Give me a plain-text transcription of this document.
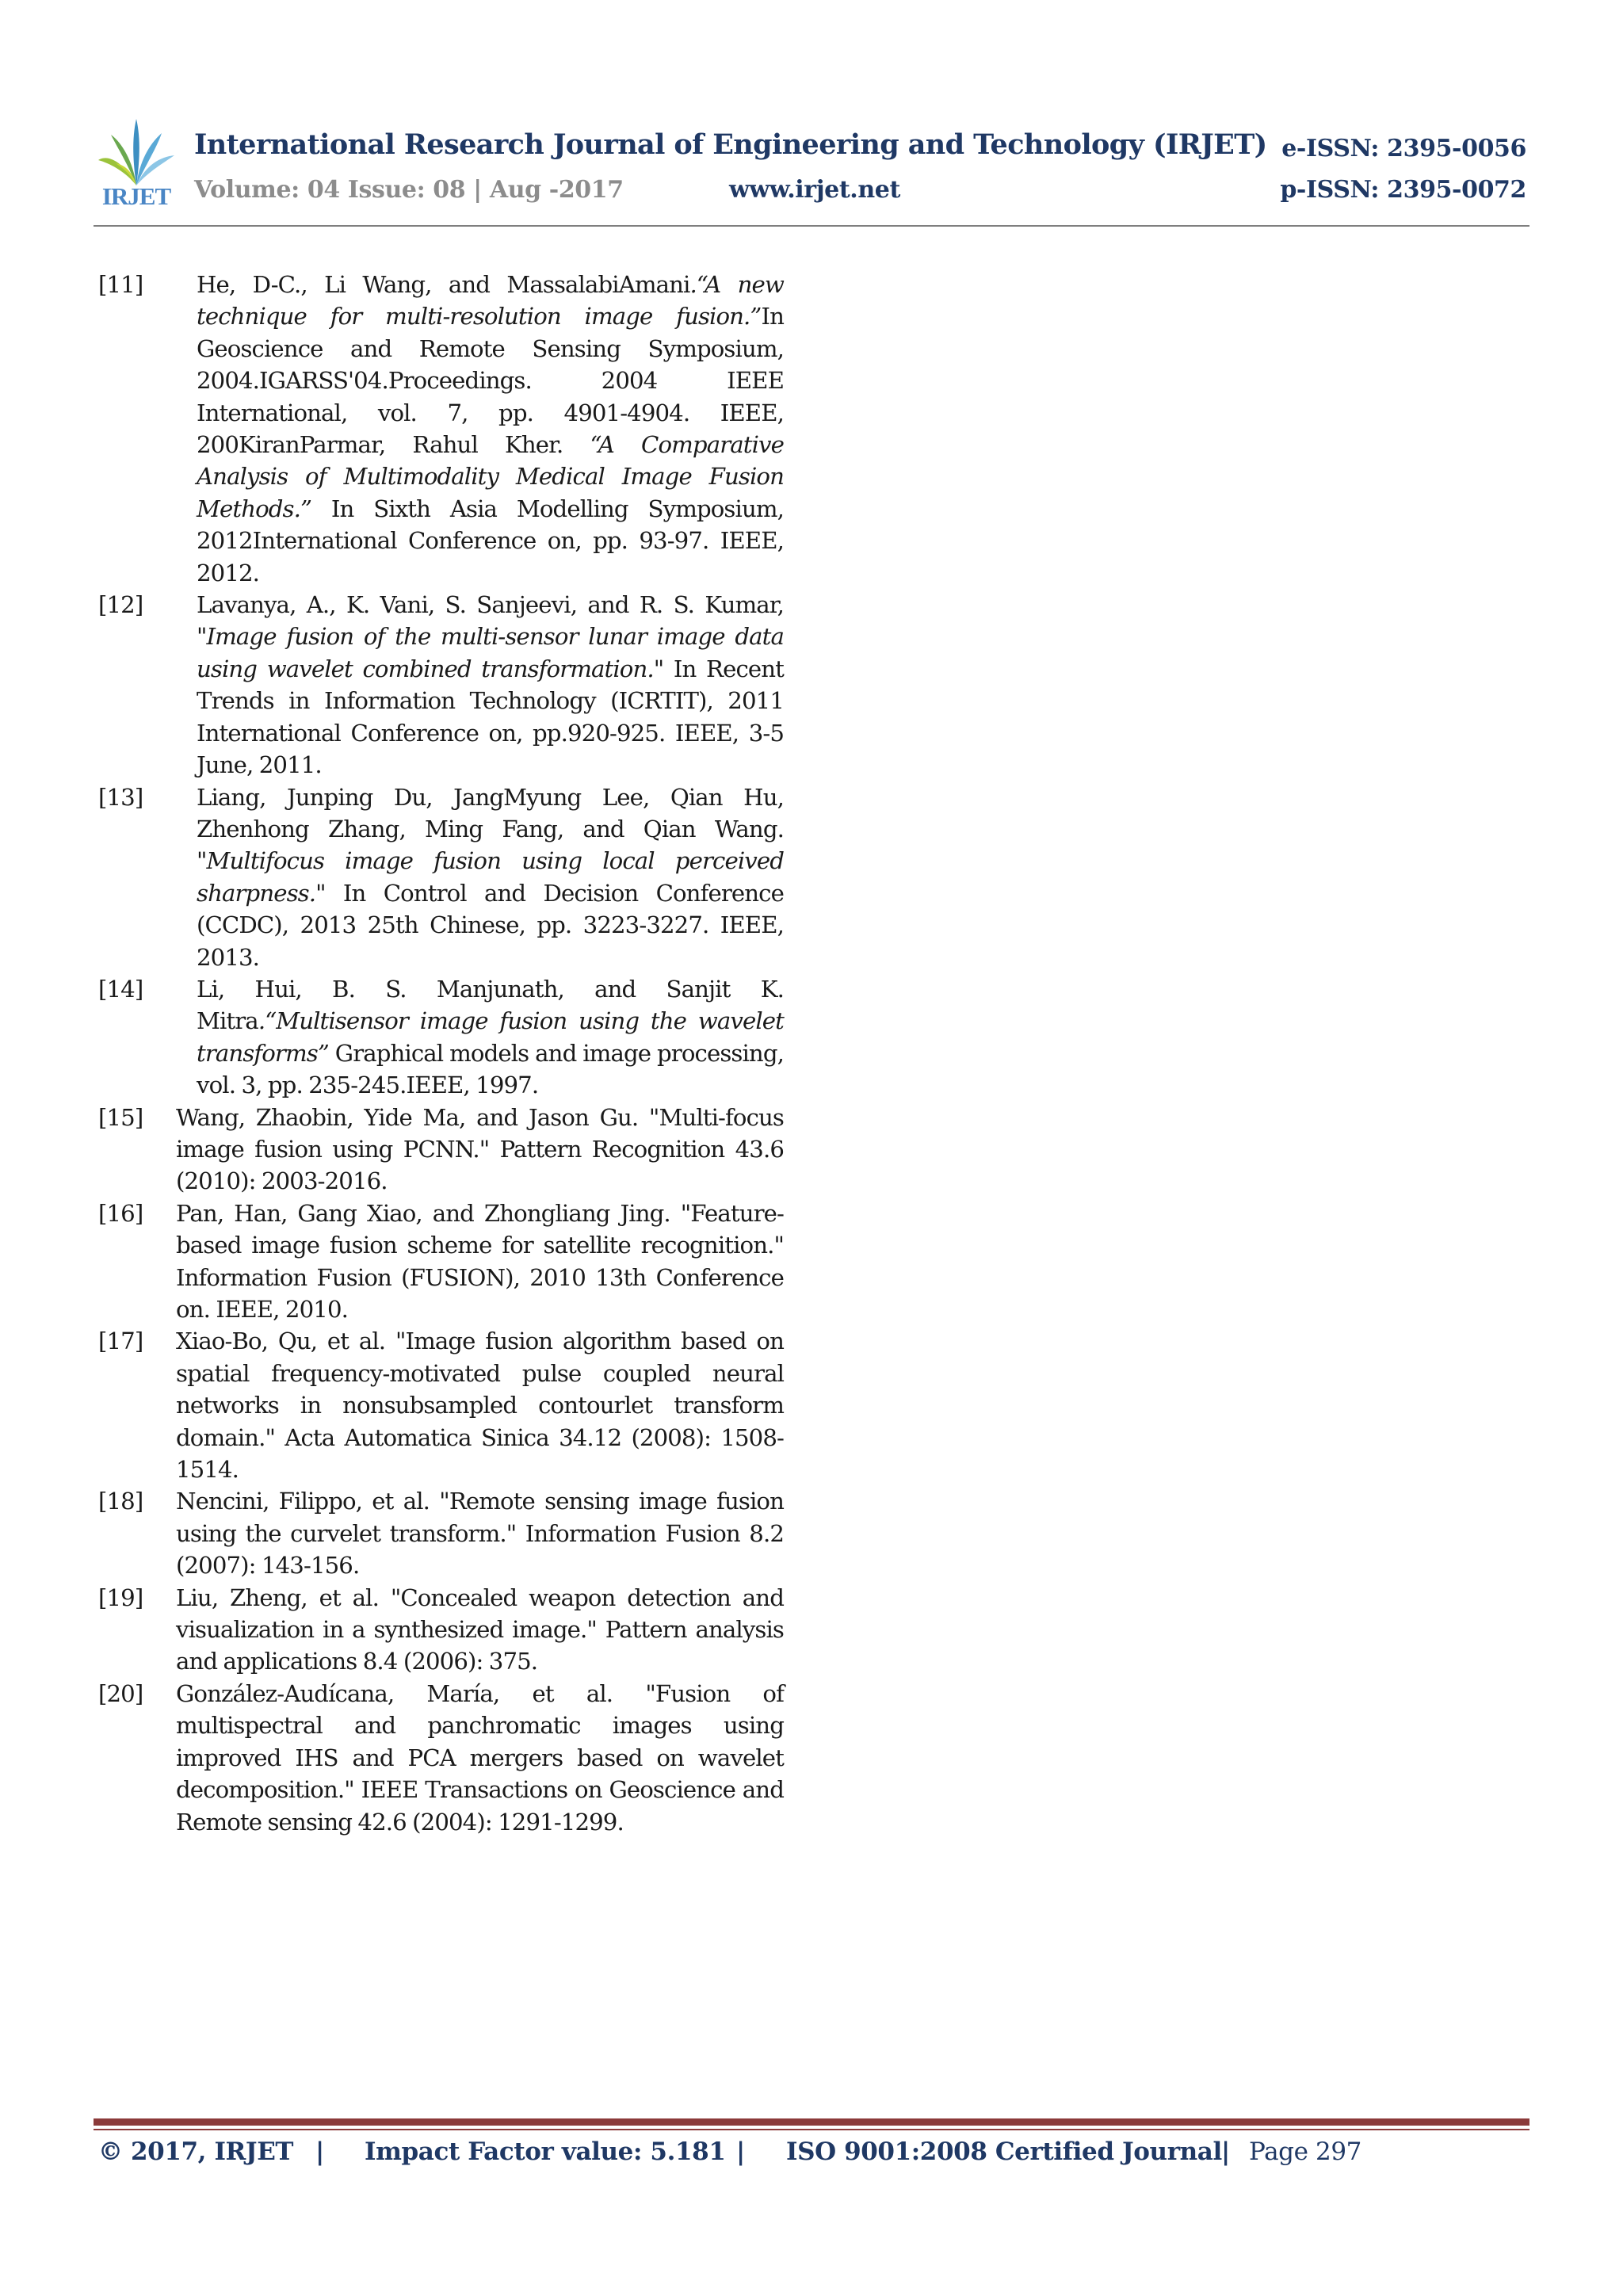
IRJET
International Research Journal of Engineering and Technology (IRJET) e-ISSN: 2395-0056
Volume: 04 Issue: 08 | Aug -2017	www.irjet.net	p-ISSN: 2395-0072
[11] He, D-C., Li Wang, and MassalabiAmani.“A new technique for multi-resolution image fusion.”In Geoscience and Remote Sensing Symposium, 2004.IGARSS'04.Proceedings. 2004 IEEE International, vol. 7, pp. 4901-4904. IEEE, 200KiranParmar, Rahul Kher. “A Comparative Analysis of Multimodality Medical Image Fusion Methods.” In Sixth Asia Modelling Symposium, 2012International Conference on, pp. 93-97. IEEE, 2012.
[12] Lavanya, A., K. Vani, S. Sanjeevi, and R. S. Kumar, "Image fusion of the multi-sensor lunar image data using wavelet combined transformation." In Recent Trends in Information Technology (ICRTIT), 2011 International Conference on, pp.920-925. IEEE, 3-5 June, 2011.
[13] Liang, Junping Du, JangMyung Lee, Qian Hu, Zhenhong Zhang, Ming Fang, and Qian Wang. "Multifocus image fusion using local perceived sharpness." In Control and Decision Conference (CCDC), 2013 25th Chinese, pp. 3223-3227. IEEE, 2013.
[14] Li, Hui, B. S. Manjunath, and Sanjit K. Mitra.“Multisensor image fusion using the wavelet transforms” Graphical models and image processing, vol. 3, pp. 235-245.IEEE, 1997.
[15] Wang, Zhaobin, Yide Ma, and Jason Gu. "Multi-focus image fusion using PCNN." Pattern Recognition 43.6 (2010): 2003-2016.
[16] Pan, Han, Gang Xiao, and Zhongliang Jing. "Feature-based image fusion scheme for satellite recognition." Information Fusion (FUSION), 2010 13th Conference on. IEEE, 2010.
[17] Xiao-Bo, Qu, et al. "Image fusion algorithm based on spatial frequency-motivated pulse coupled neural networks in nonsubsampled contourlet transform domain." Acta Automatica Sinica 34.12 (2008): 1508-1514.
[18] Nencini, Filippo, et al. "Remote sensing image fusion using the curvelet transform." Information Fusion 8.2 (2007): 143-156.
[19] Liu, Zheng, et al. "Concealed weapon detection and visualization in a synthesized image." Pattern analysis and applications 8.4 (2006): 375.
[20] González-Audícana, María, et al. "Fusion of multispectral and panchromatic images using improved IHS and PCA mergers based on wavelet decomposition." IEEE Transactions on Geoscience and Remote sensing 42.6 (2004): 1291-1299.
© 2017, IRJET | Impact Factor value: 5.181 | ISO 9001:2008 Certified Journal | Page 297
